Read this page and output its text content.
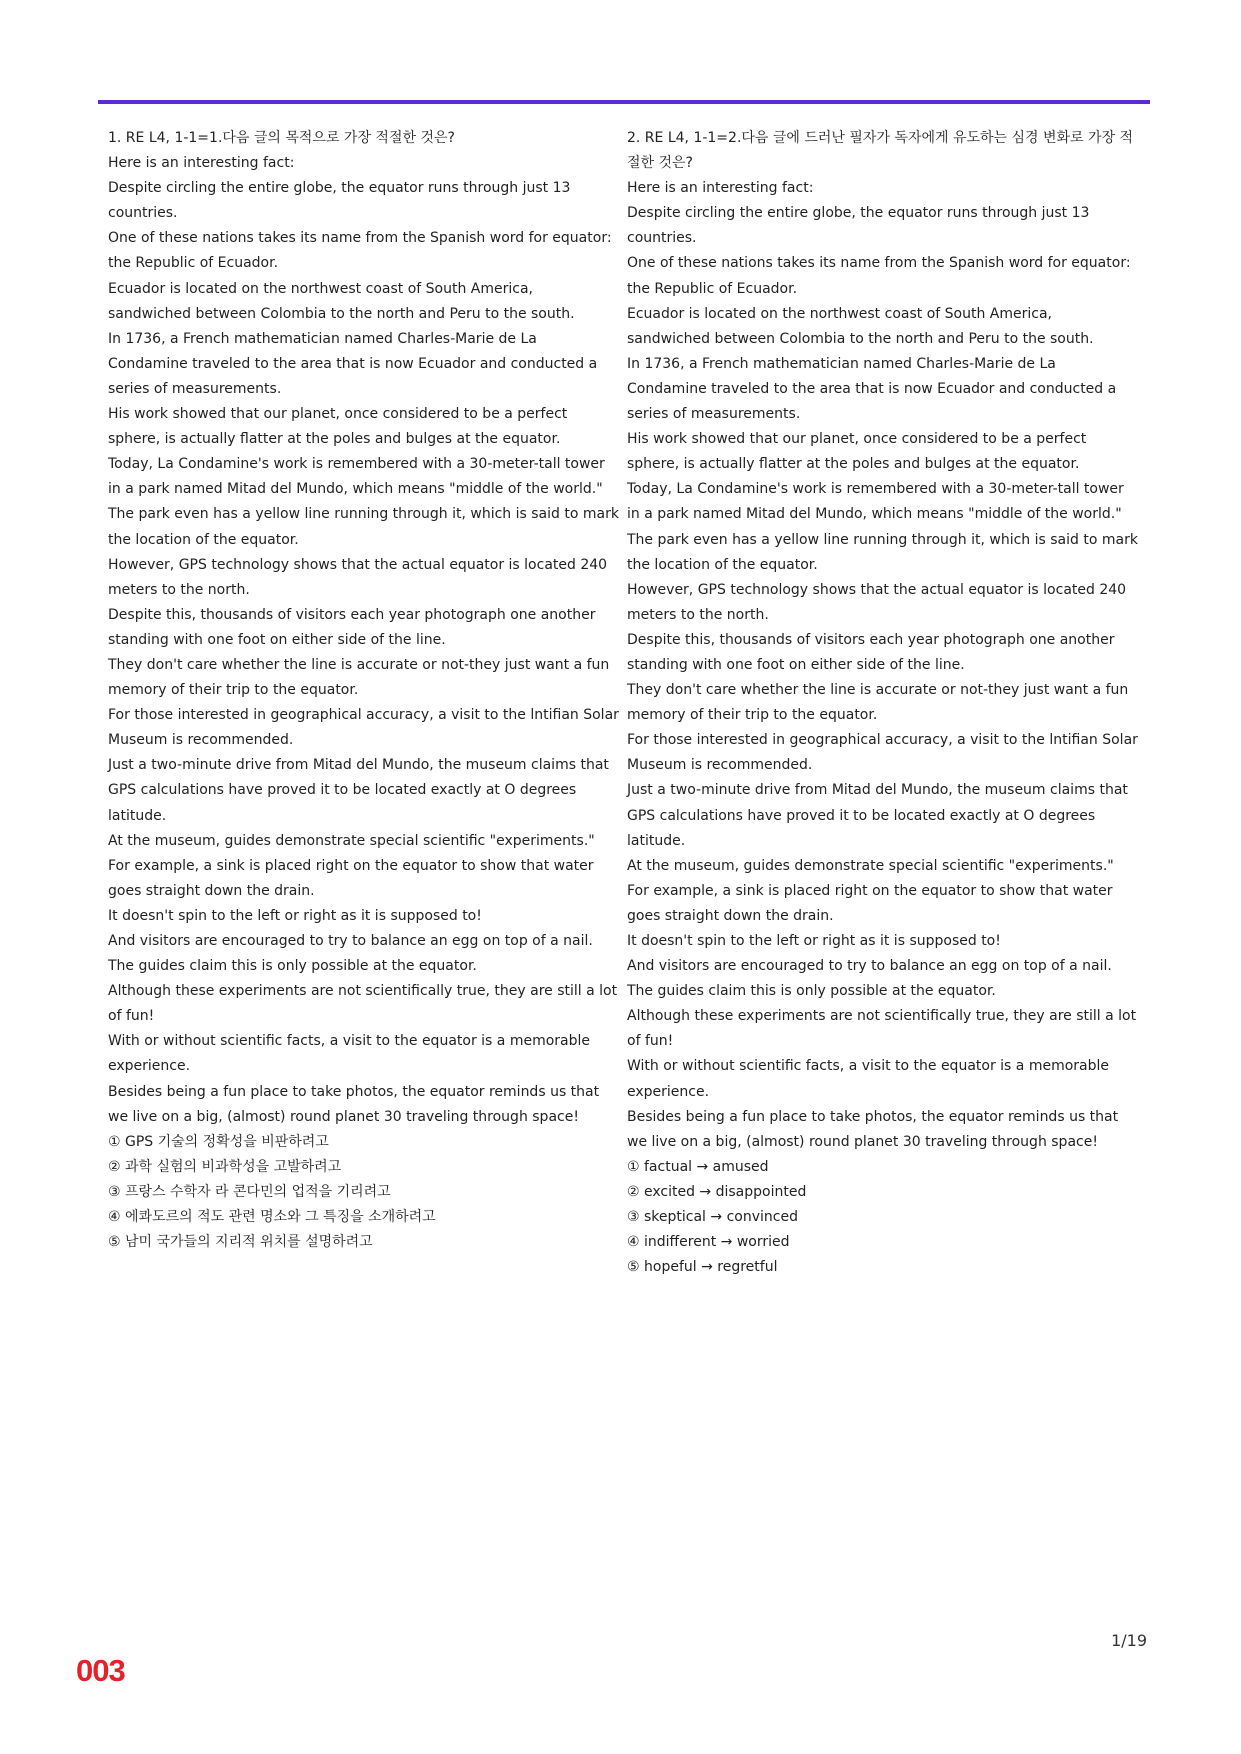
1. RE L4, 1-1=1.다음 글의 목적으로 가장 적절한 것은?
Here is an interesting fact:
Despite circling the entire globe, the equator runs through just 13 countries.
One of these nations takes its name from the Spanish word for equator: the Republic of Ecuador.
Ecuador is located on the northwest coast of South America, sandwiched between Colombia to the north and Peru to the south.
In 1736, a French mathematician named Charles-Marie de La Condamine traveled to the area that is now Ecuador and conducted a series of measurements.
His work showed that our planet, once considered to be a perfect sphere, is actually flatter at the poles and bulges at the equator.
Today, La Condamine's work is remembered with a 30-meter-tall tower in a park named Mitad del Mundo, which means "middle of the world."
The park even has a yellow line running through it, which is said to mark the location of the equator.
However, GPS technology shows that the actual equator is located 240 meters to the north.
Despite this, thousands of visitors each year photograph one another standing with one foot on either side of the line.
They don't care whether the line is accurate or not-they just want a fun memory of their trip to the equator.
For those interested in geographical accuracy, a visit to the lntifian Solar Museum is recommended.
Just a two-minute drive from Mitad del Mundo, the museum claims that GPS calculations have proved it to be located exactly at O degrees latitude.
At the museum, guides demonstrate special scientific "experiments."
For example, a sink is placed right on the equator to show that water goes straight down the drain.
It doesn't spin to the left or right as it is supposed to!
And visitors are encouraged to try to balance an egg on top of a nail.
The guides claim this is only possible at the equator.
Although these experiments are not scientifically true, they are still a lot of fun!
With or without scientific facts, a visit to the equator is a memorable experience.
Besides being a fun place to take photos, the equator reminds us that we live on a big, (almost) round planet 30 traveling through space!
① GPS 기술의 정확성을 비판하려고
② 과학 실험의 비과학성을 고발하려고
③ 프랑스 수학자 라 콘다민의 업적을 기리려고
④ 에콰도르의 적도 관련 명소와 그 특징을 소개하려고
⑤ 남미 국가들의 지리적 위치를 설명하려고
2. RE L4, 1-1=2.다음 글에 드러난 필자가 독자에게 유도하는 심경 변화로 가장 적절한 것은?
Here is an interesting fact:
Despite circling the entire globe, the equator runs through just 13 countries.
One of these nations takes its name from the Spanish word for equator: the Republic of Ecuador.
Ecuador is located on the northwest coast of South America, sandwiched between Colombia to the north and Peru to the south.
In 1736, a French mathematician named Charles-Marie de La Condamine traveled to the area that is now Ecuador and conducted a series of measurements.
His work showed that our planet, once considered to be a perfect sphere, is actually flatter at the poles and bulges at the equator.
Today, La Condamine's work is remembered with a 30-meter-tall tower in a park named Mitad del Mundo, which means "middle of the world."
The park even has a yellow line running through it, which is said to mark the location of the equator.
However, GPS technology shows that the actual equator is located 240 meters to the north.
Despite this, thousands of visitors each year photograph one another standing with one foot on either side of the line.
They don't care whether the line is accurate or not-they just want a fun memory of their trip to the equator.
For those interested in geographical accuracy, a visit to the lntifian Solar Museum is recommended.
Just a two-minute drive from Mitad del Mundo, the museum claims that GPS calculations have proved it to be located exactly at O degrees latitude.
At the museum, guides demonstrate special scientific "experiments."
For example, a sink is placed right on the equator to show that water goes straight down the drain.
It doesn't spin to the left or right as it is supposed to!
And visitors are encouraged to try to balance an egg on top of a nail.
The guides claim this is only possible at the equator.
Although these experiments are not scientifically true, they are still a lot of fun!
With or without scientific facts, a visit to the equator is a memorable experience.
Besides being a fun place to take photos, the equator reminds us that we live on a big, (almost) round planet 30 traveling through space!
① factual → amused
② excited → disappointed
③ skeptical → convinced
④ indifferent → worried
⑤ hopeful → regretful
1/19
003
